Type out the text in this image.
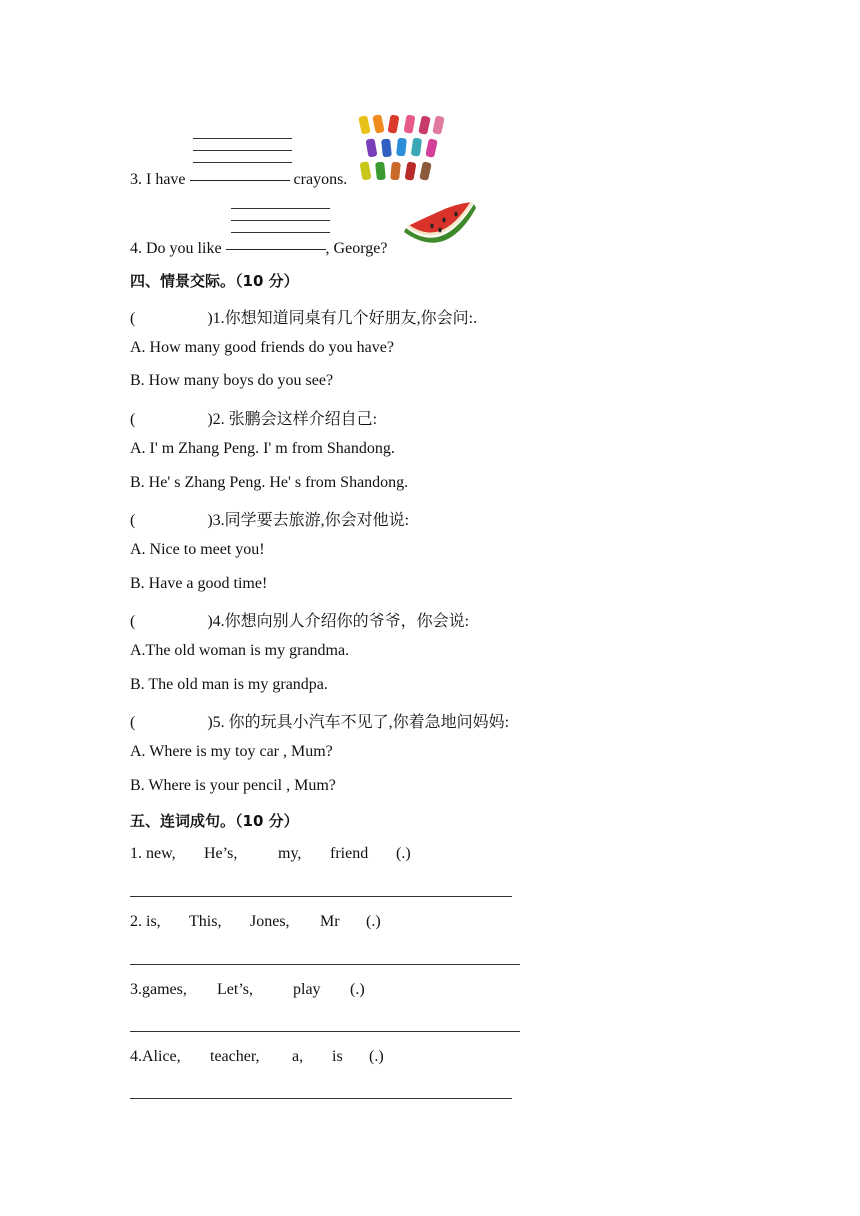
3. I have	crayons.
4. Do you like	, George?
四、情景交际。（10 分）
(	)1.你想知道同桌有几个好朋友,你会问:.
A. How many good friends do you have?
B. How many boys do you see?
(	)2. 张鹏会这样介绍自己:
A. I' m Zhang Peng. I' m from Shandong.
B. He' s Zhang Peng. He' s from Shandong.
(	)3.同学要去旅游,你会对他说:
A. Nice to meet you!
B. Have a good time!
(	)4.你想向别人介绍你的爷爷，你会说:
A.The old woman is my grandma.
B. The old man is my grandpa.
(	)5. 你的玩具小汽车不见了,你着急地问妈妈:
A. Where is my toy car , Mum?
B. Where is your pencil , Mum?
五、连词成句。（10 分）
1. new, He’s,	my, friend (.)
2. is, This, Jones, Mr (.)
3.games, Let’s,	play (.)
4.Alice, teacher, a, is (.)
